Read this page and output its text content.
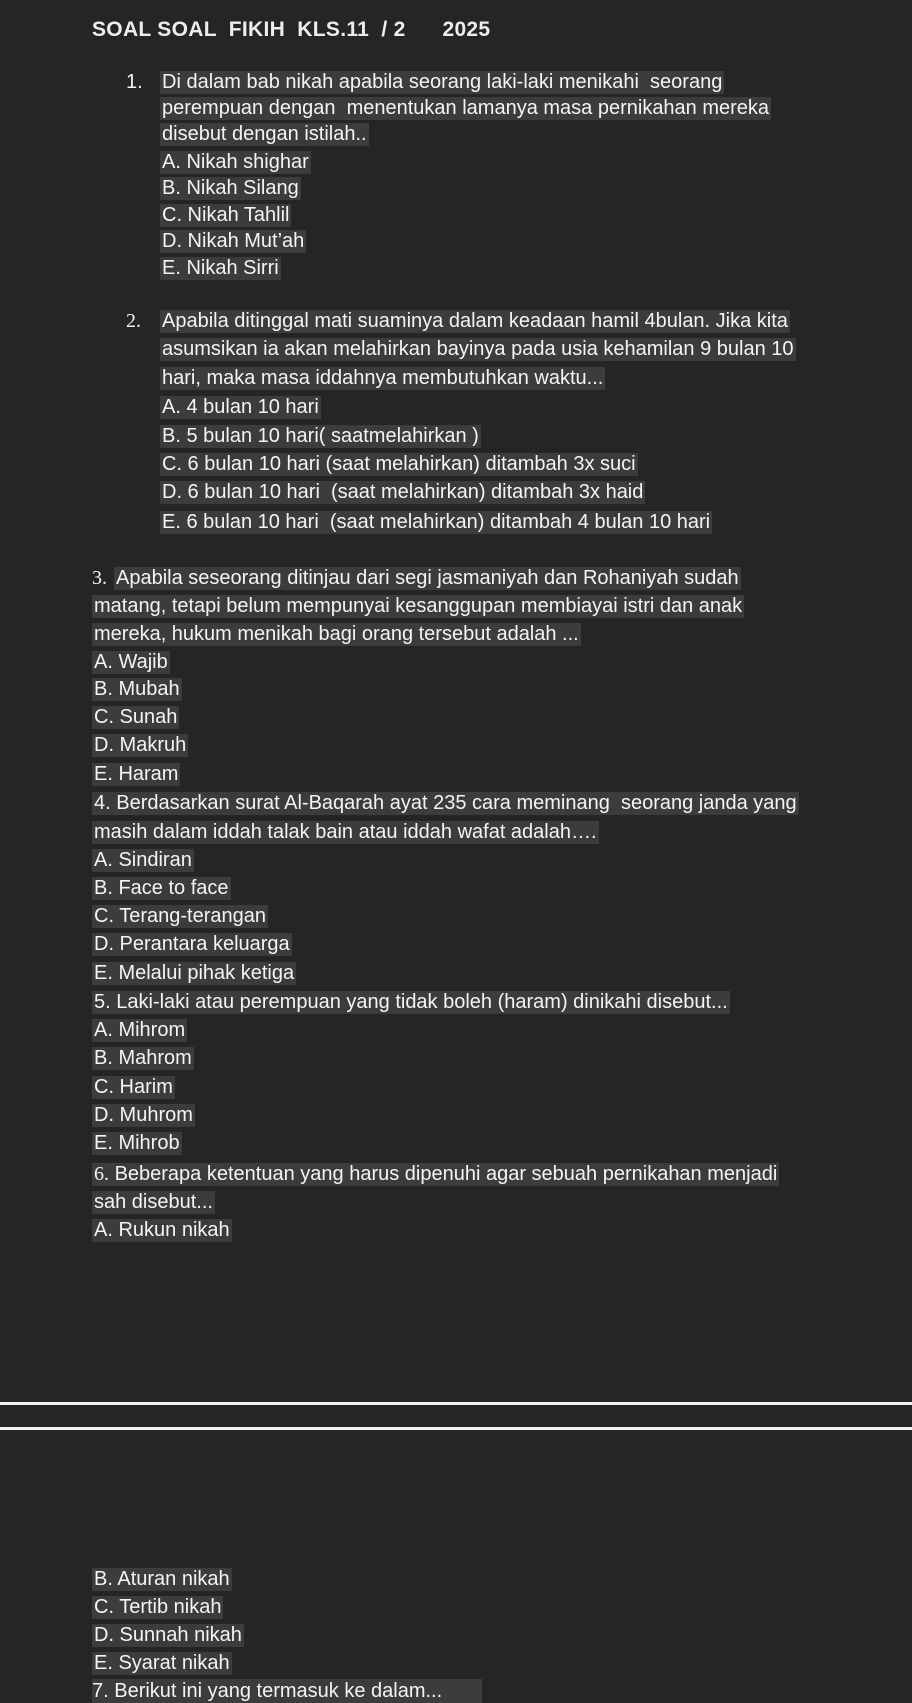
SOAL SOAL  FIKIH  KLS.11  / 2      2025
1. Di dalam bab nikah apabila seorang laki-laki menikahi  seorang
perempuan dengan  menentukan lamanya masa pernikahan mereka
disebut dengan istilah..
A. Nikah shighar
B. Nikah Silang
C. Nikah Tahlil
D. Nikah Mut’ah
E. Nikah Sirri
2. Apabila ditinggal mati suaminya dalam keadaan hamil 4bulan. Jika kita
asumsikan ia akan melahirkan bayinya pada usia kehamilan 9 bulan 10
hari, maka masa iddahnya membutuhkan waktu...
A. 4 bulan 10 hari
B. 5 bulan 10 hari( saatmelahirkan )
C. 6 bulan 10 hari (saat melahirkan) ditambah 3x suci
D. 6 bulan 10 hari  (saat melahirkan) ditambah 3x haid
E. 6 bulan 10 hari  (saat melahirkan) ditambah 4 bulan 10 hari
3. Apabila seseorang ditinjau dari segi jasmaniyah dan Rohaniyah sudah
matang, tetapi belum mempunyai kesanggupan membiayai istri dan anak
mereka, hukum menikah bagi orang tersebut adalah ...
A. Wajib
B. Mubah
C. Sunah
D. Makruh
E. Haram
4. Berdasarkan surat Al-Baqarah ayat 235 cara meminang  seorang janda yang
masih dalam iddah talak bain atau iddah wafat adalah….
A. Sindiran
B. Face to face
C. Terang-terangan
D. Perantara keluarga
E. Melalui pihak ketiga
5. Laki-laki atau perempuan yang tidak boleh (haram) dinikahi disebut...
A. Mihrom
B. Mahrom
C. Harim
D. Muhrom
E. Mihrob
6. Beberapa ketentuan yang harus dipenuhi agar sebuah pernikahan menjadi
sah disebut...
A. Rukun nikah
B. Aturan nikah
C. Tertib nikah
D. Sunnah nikah
E. Syarat nikah
7. Berikut ini yang termasuk ke dalam...
